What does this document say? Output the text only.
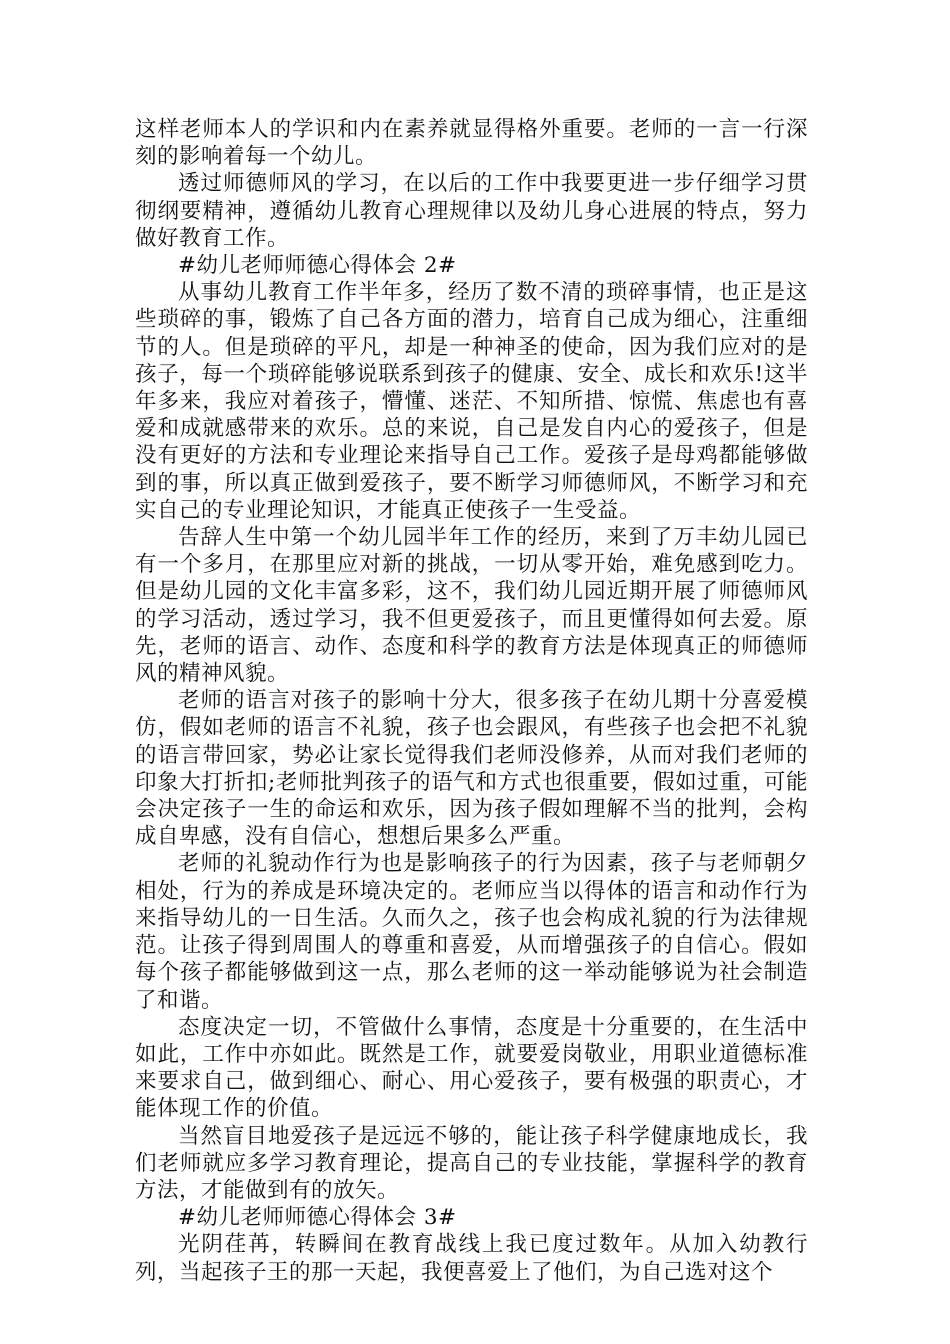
这样老师本人的学识和内在素养就显得格外重要。老师的一言一行深刻的影响着每一个幼儿。

透过师德师风的学习，在以后的工作中我要更进一步仔细学习贯彻纲要精神，遵循幼儿教育心理规律以及幼儿身心进展的特点，努力做好教育工作。

#幼儿老师师德心得体会 2#

从事幼儿教育工作半年多，经历了数不清的琐碎事情，也正是这些琐碎的事，锻炼了自己各方面的潜力，培育自己成为细心，注重细节的人。但是琐碎的平凡，却是一种神圣的使命，因为我们应对的是孩子，每一个琐碎能够说联系到孩子的健康、安全、成长和欢乐!这半年多来，我应对着孩子，懵懂、迷茫、不知所措、惊慌、焦虑也有喜爱和成就感带来的欢乐。总的来说，自己是发自内心的爱孩子，但是没有更好的方法和专业理论来指导自己工作。爱孩子是母鸡都能够做到的事，所以真正做到爱孩子，要不断学习师德师风，不断学习和充实自己的专业理论知识，才能真正使孩子一生受益。

告辞人生中第一个幼儿园半年工作的经历，来到了万丰幼儿园已有一个多月，在那里应对新的挑战，一切从零开始，难免感到吃力。但是幼儿园的文化丰富多彩，这不，我们幼儿园近期开展了师德师风的学习活动，透过学习，我不但更爱孩子，而且更懂得如何去爱。原先，老师的语言、动作、态度和科学的教育方法是体现真正的师德师风的精神风貌。

老师的语言对孩子的影响十分大，很多孩子在幼儿期十分喜爱模仿，假如老师的语言不礼貌，孩子也会跟风，有些孩子也会把不礼貌的语言带回家，势必让家长觉得我们老师没修养，从而对我们老师的印象大打折扣;老师批判孩子的语气和方式也很重要，假如过重，可能会决定孩子一生的命运和欢乐，因为孩子假如理解不当的批判，会构成自卑感，没有自信心，想想后果多么严重。

老师的礼貌动作行为也是影响孩子的行为因素，孩子与老师朝夕相处，行为的养成是环境决定的。老师应当以得体的语言和动作行为来指导幼儿的一日生活。久而久之，孩子也会构成礼貌的行为法律规范。让孩子得到周围人的尊重和喜爱，从而增强孩子的自信心。假如每个孩子都能够做到这一点，那么老师的这一举动能够说为社会制造了和谐。

态度决定一切，不管做什么事情，态度是十分重要的，在生活中如此，工作中亦如此。既然是工作，就要爱岗敬业，用职业道德标准来要求自己，做到细心、耐心、用心爱孩子，要有极强的职责心，才能体现工作的价值。

当然盲目地爱孩子是远远不够的，能让孩子科学健康地成长，我们老师就应多学习教育理论，提高自己的专业技能，掌握科学的教育方法，才能做到有的放矢。

#幼儿老师师德心得体会 3#

光阴荏苒，转瞬间在教育战线上我已度过数年。从加入幼教行列，当起孩子王的那一天起，我便喜爱上了他们，为自己选对这个
